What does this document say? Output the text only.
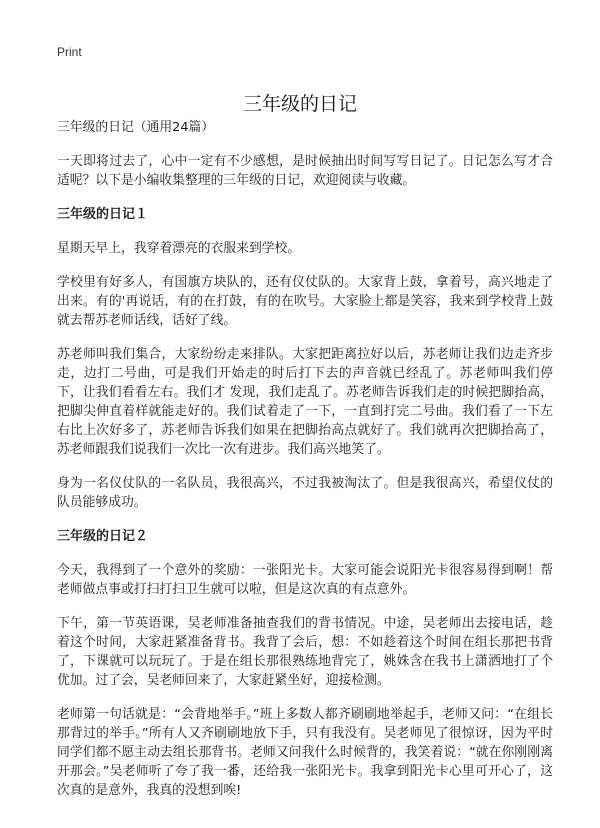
Print
三年级的日记

三年级的日记（通用24篇）

一天即将过去了，心中一定有不少感想，是时候抽出时间写写日记了。日记怎么写才合适呢？以下是小编收集整理的三年级的日记，欢迎阅读与收藏。

三年级的日记１

星期天早上，我穿着漂亮的衣服来到学校。

学校里有好多人，有国旗方块队的，还有仪仗队的。大家背上鼓，拿着号，高兴地走了出来。有的'再说话，有的在打鼓，有的在吹号。大家脸上都是笑容，我来到学校背上鼓就去帮苏老师话线，话好了线。

苏老师叫我们集合，大家纷纷走来排队。大家把距离拉好以后，苏老师让我们边走齐步走，边打二号曲，可是我们开始走的时后打下去的声音就已经乱了。苏老师叫我们停下，让我们看看左右。我们才 发现，我们走乱了。苏老师告诉我们走的时候把脚抬高，把脚尖伸直着样就能走好的。我们试着走了一下，一直到打完二号曲。我们看了一下左右比上次好多了，苏老师告诉我们如果在把脚抬高点就好了。我们就再次把脚抬高了，苏老师跟我们说我们一次比一次有进步。我们高兴地笑了。

身为一名仪仗队的一名队员，我很高兴，不过我被淘汰了。但是我很高兴，希望仪仗的队员能够成功。

三年级的日记２

今天，我得到了一个意外的奖励：一张阳光卡。大家可能会说阳光卡很容易得到啊！帮老师做点事或打扫打扫卫生就可以啦，但是这次真的有点意外。

下午，第一节英语课，吴老师准备抽查我们的背书情况。中途，吴老师出去接电话，趁着这个时间，大家赶紧准备背书。我背了会后，想：不如趁着这个时间在组长那把书背了，下课就可以玩玩了。于是在组长那很熟练地背完了，姚姝含在我书上潇洒地打了个优加。过了会，吴老师回来了，大家赶紧坐好，迎接检测。

老师第一句话就是：“会背地举手。”班上多数人都齐刷刷地举起手，老师又问：“在组长那背过的举手。”所有人又齐刷刷地放下手，只有我没有。吴老师见了很惊讶，因为平时同学们都不愿主动去组长那背书。老师又问我什么时候背的，我笑着说：“就在你刚刚离开那会。”吴老师听了夸了我一番，还给我一张阳光卡。我拿到阳光卡心里可开心了，这次真的是意外，我真的没想到唉!
